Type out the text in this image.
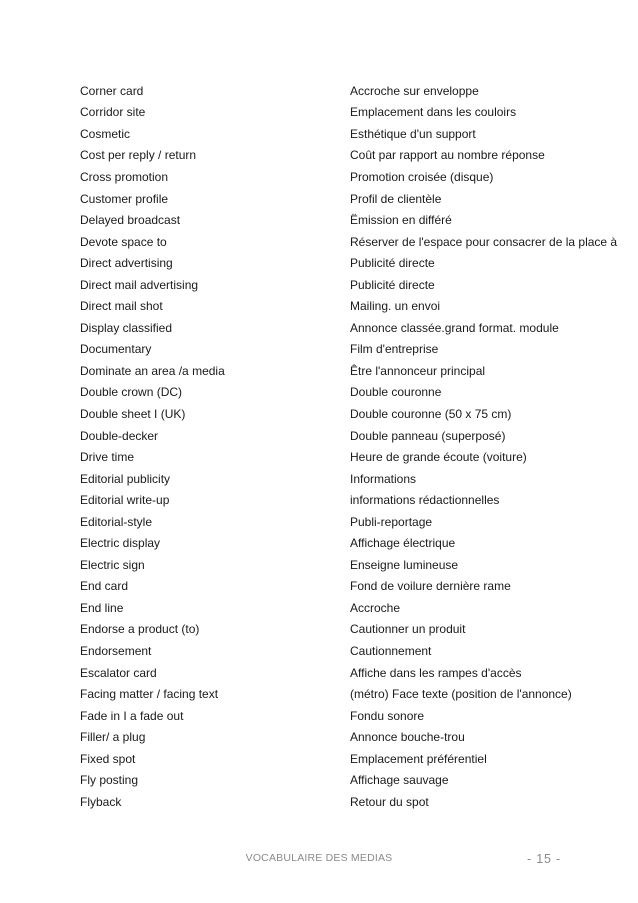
Corner card	Accroche sur enveloppe
Corridor site	Emplacement dans les couloirs
Cosmetic	Esthétique d'un support
Cost per reply / return	Coût par rapport au nombre réponse
Cross promotion	Promotion croisée (disque)
Customer profile	Profil de clientèle
Delayed broadcast	Ëmission en différé
Devote space to	Réserver de l'espace pour consacrer de la place à
Direct advertising	Publicité directe
Direct mail advertising	Publicité directe
Direct mail shot	Mailing. un envoi
Display classified	Annonce classée.grand format. module
Documentary	Film d'entreprise
Dominate an area /a media	Être l'annonceur principal
Double crown (DC)	Double couronne
Double sheet I (UK)	Double couronne (50 x 75 cm)
Double-decker	Double panneau (superposé)
Drive time	Heure de grande écoute (voiture)
Editorial publicity	Informations
Editorial write-up	informations rédactionnelles
Editorial-style	Publi-reportage
Electric display	Affichage électrique
Electric sign	Enseigne lumineuse
End card	Fond de voilure dernière rame
End line	Accroche
Endorse a product (to)	Cautionner un produit
Endorsement	Cautionnement
Escalator card	Affiche dans les rampes d'accès
Facing matter / facing text	(métro) Face texte (position de l'annonce)
Fade in I a fade out	Fondu sonore
Filler/ a plug	Annonce bouche-trou
Fixed spot	Emplacement préférentiel
Fly posting	Affichage sauvage
Flyback	Retour du spot
VOCABULAIRE DES MEDIAS	- 15 -
